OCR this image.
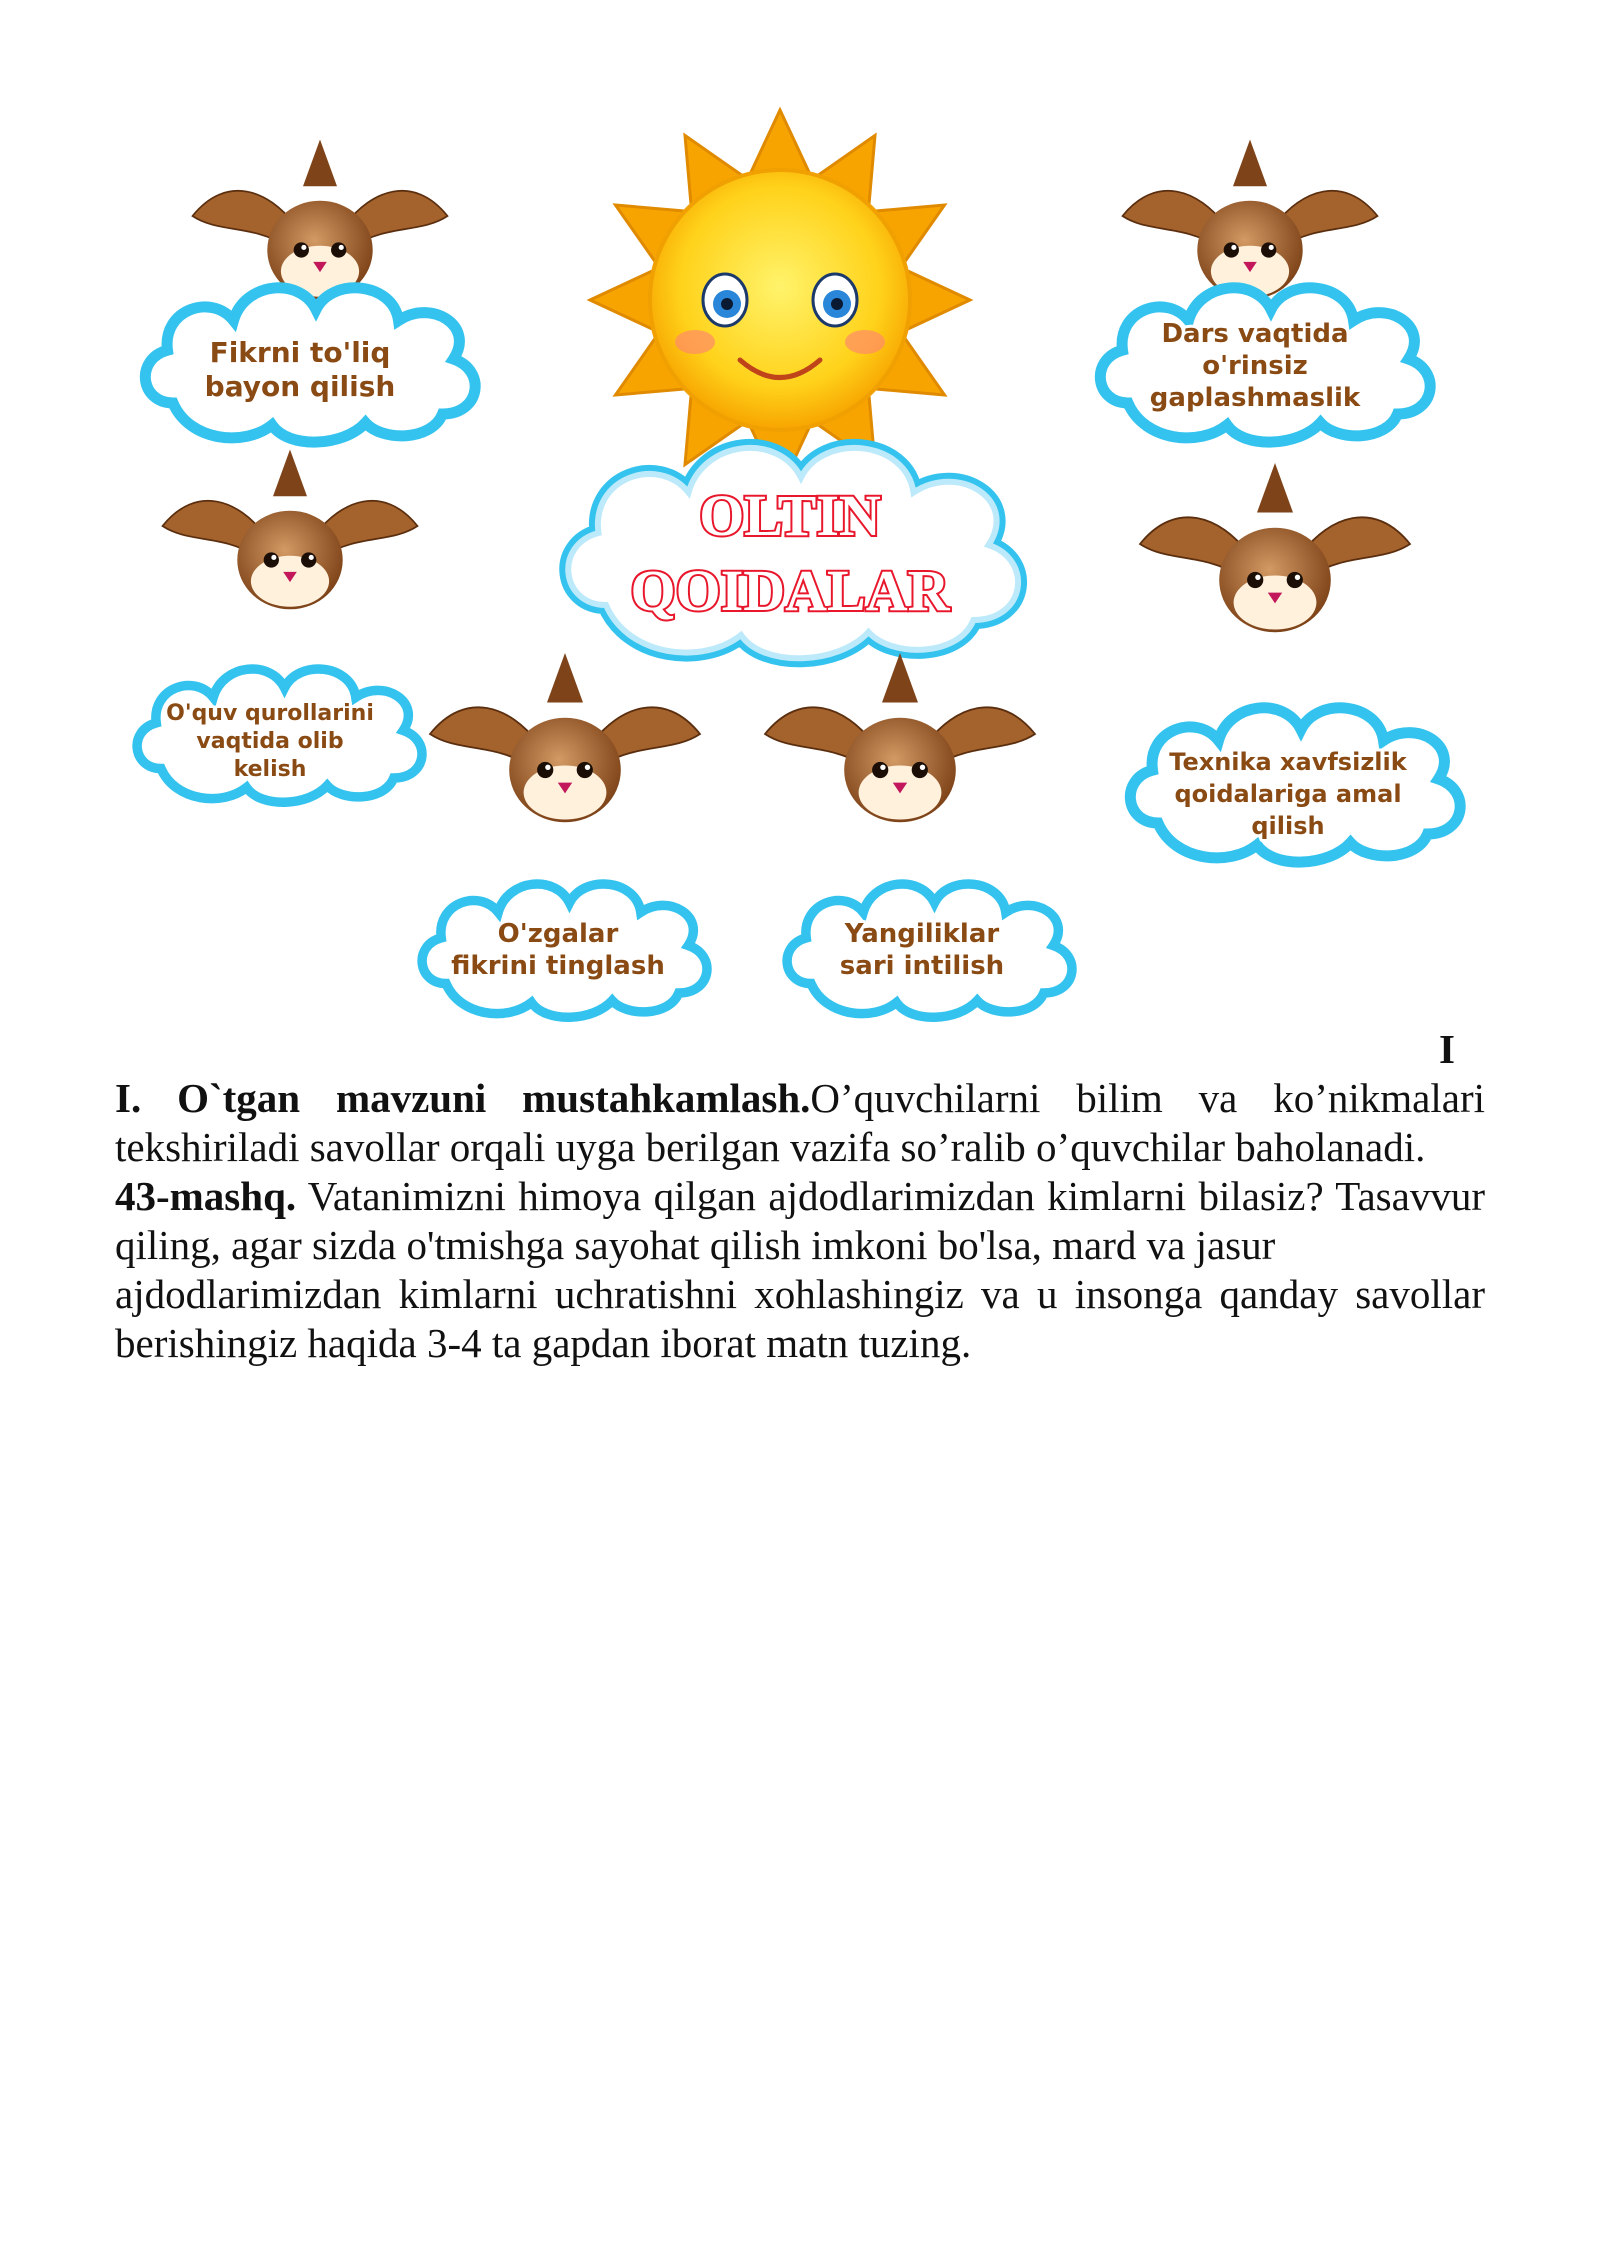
OLTIN
QOIDALAR
Fikrni to'liq
bayon qilish
Dars vaqtida
o'rinsiz
gaplashmaslik
O'quv qurollarini
vaqtida olib
kelish	Texnika xavfsizlik
qoidalariga amal
qilish
O'zgalar
fikrini tinglash
Yangiliklar
sari intilish

I

I. O`tgan mavzuni mustahkamlash.O’quvchilarni bilim va ko’nikmalari tekshiriladi savollar orqali uyga berilgan vazifa so’ralib o’quvchilar baholanadi.

43-mashq. Vatanimizni himoya qilgan ajdodlarimizdan kimlarni bilasiz? Tasavvur qiling, agar sizda o'tmishga sayohat qilish imkoni bo'lsa, mard va jasur

ajdodlarimizdan kimlarni uchratishni xohlashingiz va u insonga qanday savollar berishingiz haqida 3-4 ta gapdan iborat matn tuzing.
